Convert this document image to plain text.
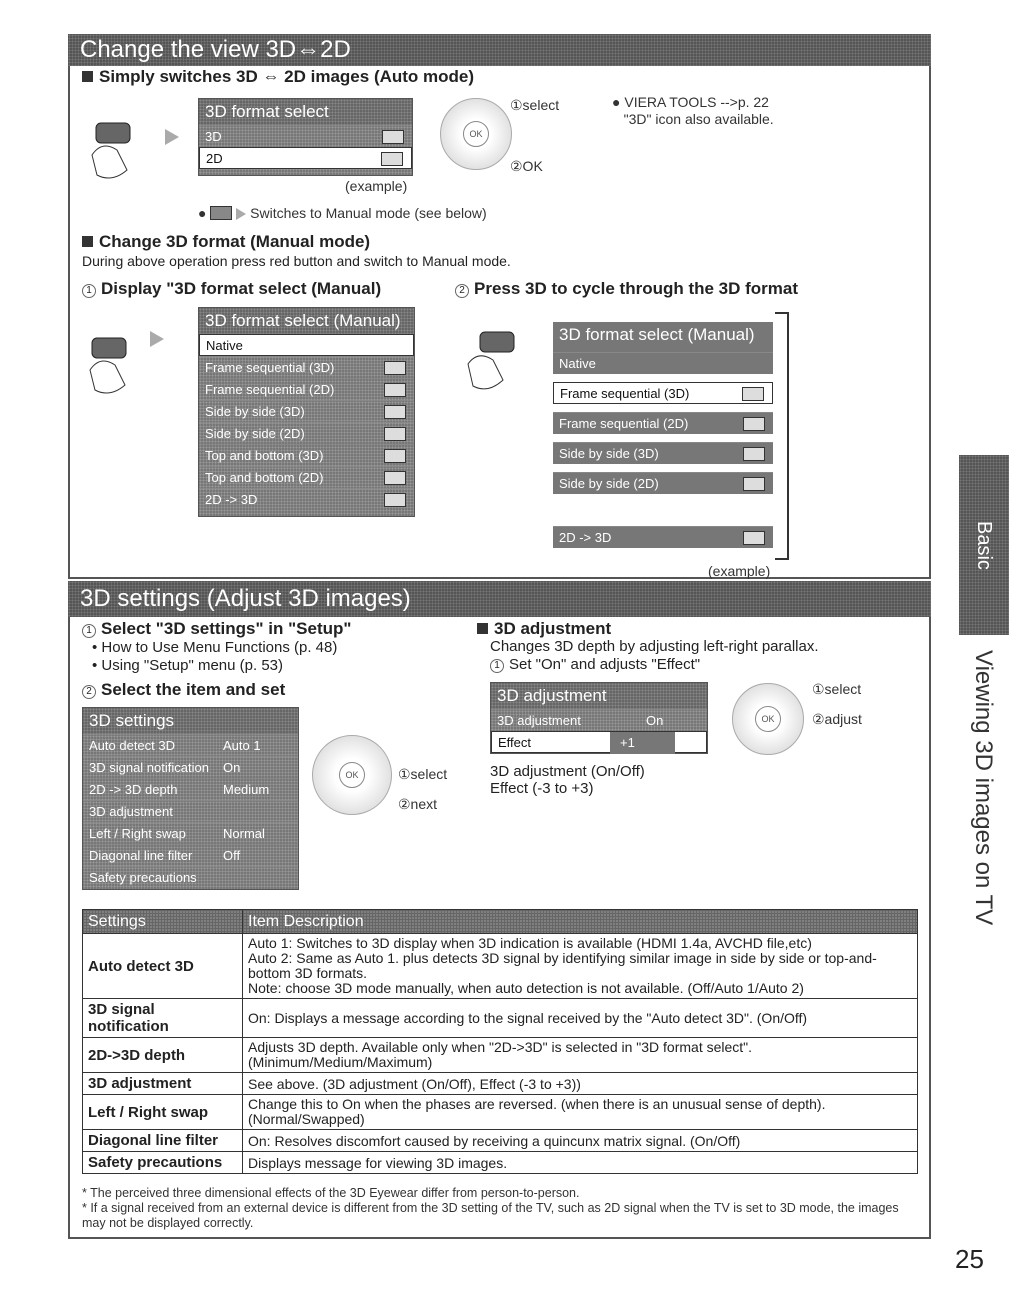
Change the view 3D⇔2D
Simply switches 3D ⇔ 2D images (Auto mode)
3D format select
3D
2D
(example)
OK
①select
②OK
● VIERA TOOLS -->p. 22
"3D" icon also available.
●	Switches to Manual mode (see below)
Change 3D format (Manual mode)
During above operation press red button and switch to Manual mode.
1 Display "3D format select (Manual)	2 Press 3D to cycle through the 3D format
3D format select (Manual)
Native
Frame sequential (3D)
Frame sequential (2D)
Side by side (3D)
Side by side (2D)
Top and bottom (3D)
Top and bottom (2D)
2D -> 3D
3D format select (Manual)
Native
Frame sequential (3D)
Frame sequential (2D)
Side by side (3D)
Side by side (2D)
2D -> 3D
(example)
3D settings (Adjust 3D images)
1 Select "3D settings" in "Setup"
• How to Use Menu Functions (p. 48)
• Using "Setup" menu (p. 53)
2 Select the item and set
3D settings
Auto detect 3D	Auto 1
3D signal notification On
2D -> 3D depth	Medium
3D adjustment
Left / Right swap	Normal
Diagonal line filter Off
Safety precautions
OK	①select
②next
3D adjustment
Changes 3D depth by adjusting left-right parallax.
1 Set "On" and adjusts "Effect"
3D adjustment
3D adjustment	On
Effect	+1
3D adjustment (On/Off)
Effect (-3 to +3)
OK
①select
②adjust
Settings	Item Description
Auto detect 3D	Auto 1: Switches to 3D display when 3D indication is available (HDMI 1.4a, AVCHD file,etc)
Auto 2: Same as Auto 1. plus detects 3D signal by identifying similar image in side by side or top-and-bottom 3D formats.
Note: choose 3D mode manually, when auto detection is not available. (Off/Auto 1/Auto 2)
3D signal notification	On: Displays a message according to the signal received by the "Auto detect 3D". (On/Off)
2D->3D depth	Adjusts 3D depth. Available only when "2D->3D" is selected in "3D format select". (Minimum/Medium/Maximum)
3D adjustment	See above. (3D adjustment (On/Off), Effect (-3 to +3))
Left / Right swap	Change this to On when the phases are reversed. (when there is an unusual sense of depth). (Normal/Swapped)
Diagonal line filter	On: Resolves discomfort caused by receiving a quincunx matrix signal. (On/Off)
Safety precautions	Displays message for viewing 3D images.
* The perceived three dimensional effects of the 3D Eyewear differ from person-to-person.
* If a signal received from an external device is different from the 3D setting of the TV, such as 2D signal when the TV is set to 3D mode, the images may not be displayed correctly.
Basic
Viewing 3D images on TV
25
